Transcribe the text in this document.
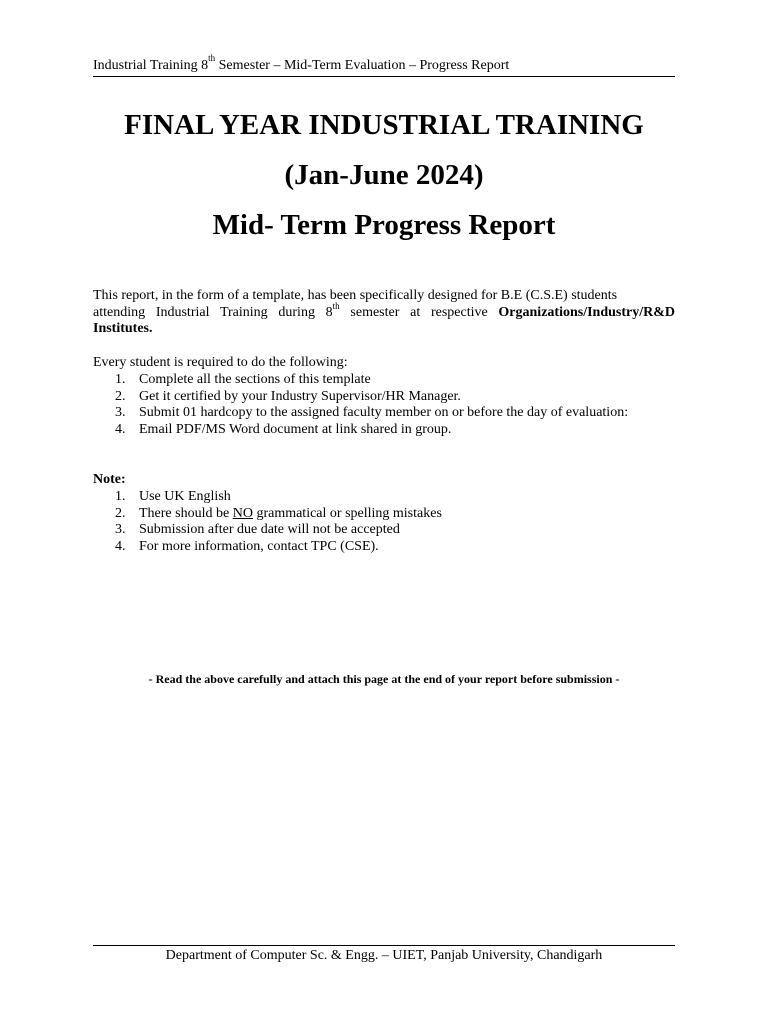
Industrial Training 8th Semester – Mid-Term Evaluation – Progress Report
FINAL YEAR INDUSTRIAL TRAINING
(Jan-June 2024)
Mid- Term Progress Report
This report, in the form of a template, has been specifically designed for B.E (C.S.E) students
attending Industrial Training during 8th semester at respective Organizations/Industry/R&D
Institutes.
Every student is required to do the following:
1. Complete all the sections of this template
2. Get it certified by your Industry Supervisor/HR Manager.
3. Submit 01 hardcopy to the assigned faculty member on or before the day of evaluation:
4. Email PDF/MS Word document at link shared in group.
Note:
1. Use UK English
2. There should be NO grammatical or spelling mistakes
3. Submission after due date will not be accepted
4. For more information, contact TPC (CSE).
- Read the above carefully and attach this page at the end of your report before submission -
Department of Computer Sc. & Engg. – UIET, Panjab University, Chandigarh
